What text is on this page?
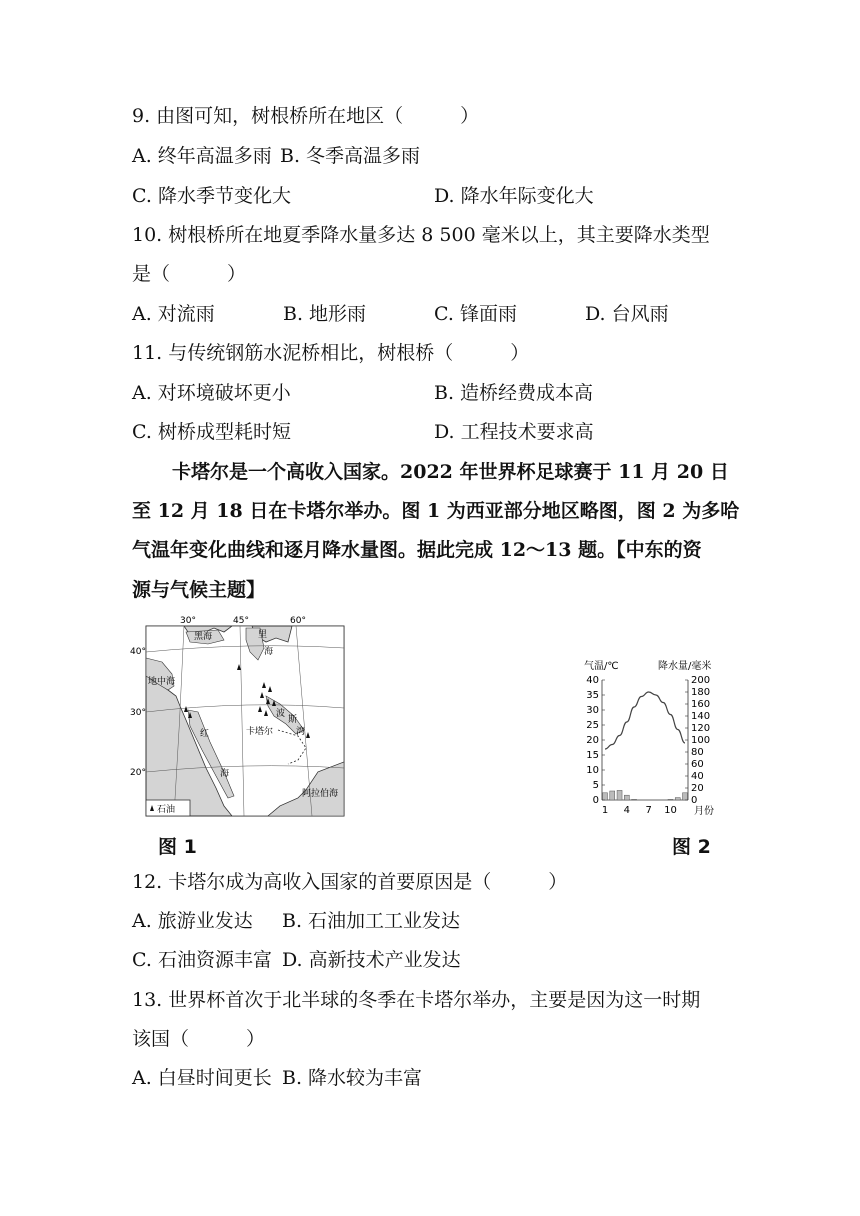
9. 由图可知，树根桥所在地区（　　　）
A. 终年高温多雨 B. 冬季高温多雨
C. 降水季节变化大	D. 降水年际变化大
10. 树根桥所在地夏季降水量多达 8 500 毫米以上，其主要降水类型
是（　　　）
A. 对流雨	B. 地形雨	C. 锋面雨	D. 台风雨
11. 与传统钢筋水泥桥相比，树根桥（　　　）
A. 对环境破坏更小	B. 造桥经费成本高
C. 树桥成型耗时短	D. 工程技术要求高
卡塔尔是一个高收入国家。2022 年世界杯足球赛于 11 月 20 日
至 12 月 18 日在卡塔尔举办。图 1 为西亚部分地区略图，图 2 为多哈
气温年变化曲线和逐月降水量图。据此完成 12～13 题。【中东的资
源与气候主题】
30°	45°	60°
40°
30°
20°
黑海	里
海
地中海
波
斯
湾
卡塔尔
红
海
阿拉伯海
石油
图 1
气温/℃	降水量/毫米
0
5
10
15
20
25
30
35
40
0
20
40
60
80
100
120
140
160
180
200
1 4 7 10 月份
图 2
12. 卡塔尔成为高收入国家的首要原因是（　　　）
A. 旅游业发达 B. 石油加工工业发达
C. 石油资源丰富 D. 高新技术产业发达
13. 世界杯首次于北半球的冬季在卡塔尔举办，主要是因为这一时期
该国（　　　）
A. 白昼时间更长 B. 降水较为丰富
